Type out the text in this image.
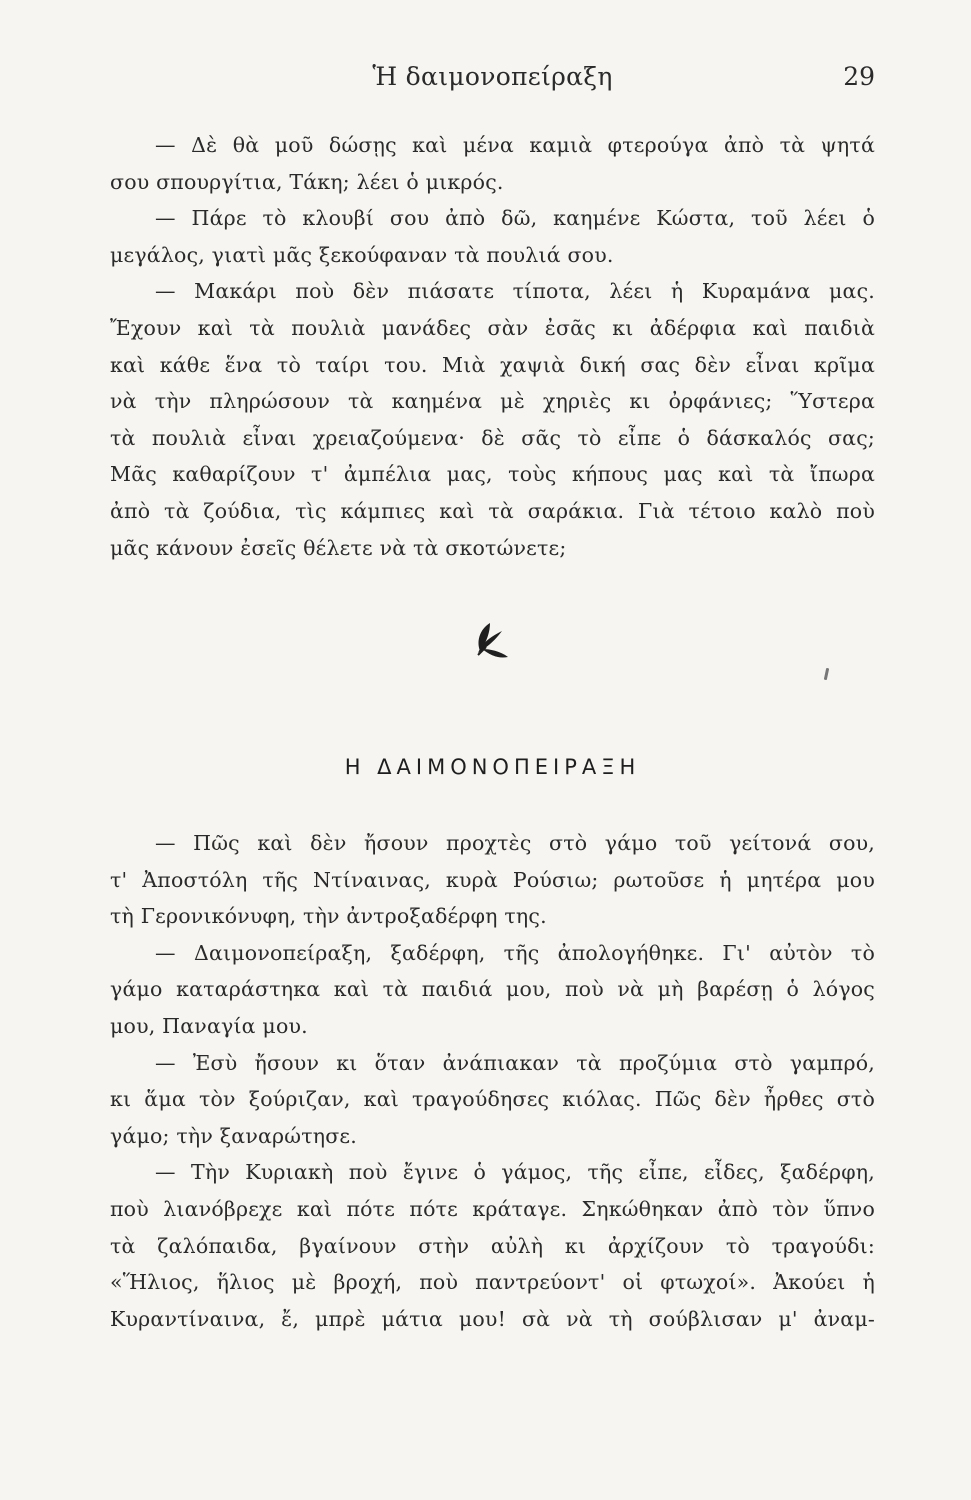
Ἡ δαιμονοπείραξη	29
— Δὲ θὰ μοῦ δώσῃς καὶ μένα καμιὰ φτερούγα ἀπὸ τὰ ψητά
σου σπουργίτια, Τάκη; λέει ὁ μικρός.
— Πάρε τὸ κλουβί σου ἀπὸ δῶ, καημένε Κώστα, τοῦ λέει ὁ
μεγάλος, γιατὶ μᾶς ξεκούφαναν τὰ πουλιά σου.
— Μακάρι ποὺ δὲν πιάσατε τίποτα, λέει ἡ Κυραμάνα μας.
Ἔχουν καὶ τὰ πουλιὰ μανάδες σὰν ἐσᾶς κι ἀδέρφια καὶ παιδιὰ
καὶ κάθε ἕνα τὸ ταίρι του. Μιὰ χαψιὰ δική σας δὲν εἶναι κρῖμα
νὰ τὴν πληρώσουν τὰ καημένα μὲ χηριὲς κι ὀρφάνιες; Ὕστερα
τὰ πουλιὰ εἶναι χρειαζούμενα· δὲ σᾶς τὸ εἶπε ὁ δάσκαλός σας;
Μᾶς καθαρίζουν τ' ἀμπέλια μας, τοὺς κήπους μας καὶ τὰ ἴπωρα
ἀπὸ τὰ ζούδια, τὶς κάμπιες καὶ τὰ σαράκια. Γιὰ τέτοιο καλὸ ποὺ
μᾶς κάνουν ἐσεῖς θέλετε νὰ τὰ σκοτώνετε;
Η ΔΑΙΜΟΝΟΠΕΙΡΑΞΗ
— Πῶς καὶ δὲν ἤσουν προχτὲς στὸ γάμο τοῦ γείτονά σου,
τ' Ἀποστόλη τῆς Ντίναινας, κυρὰ Ρούσιω; ρωτοῦσε ἡ μητέρα μου
τὴ Γερονικόνυφη, τὴν ἀντροξαδέρφη της.
— Δαιμονοπείραξη, ξαδέρφη, τῆς ἀπολογήθηκε. Γι' αὐτὸν τὸ
γάμο καταράστηκα καὶ τὰ παιδιά μου, ποὺ νὰ μὴ βαρέσῃ ὁ λόγος
μου, Παναγία μου.
— Ἐσὺ ἤσουν κι ὅταν ἀνάπιακαν τὰ προζύμια στὸ γαμπρό,
κι ἅμα τὸν ξούριζαν, καὶ τραγούδησες κιόλας. Πῶς δὲν ἦρθες στὸ
γάμο; τὴν ξαναρώτησε.
— Τὴν Κυριακὴ ποὺ ἔγινε ὁ γάμος, τῆς εἶπε, εἶδες, ξαδέρφη,
ποὺ λιανόβρεχε καὶ πότε πότε κράταγε. Σηκώθηκαν ἀπὸ τὸν ὕπνο
τὰ ζαλόπαιδα, βγαίνουν στὴν αὐλὴ κι ἀρχίζουν τὸ τραγούδι:
«Ἥλιος, ἥλιος μὲ βροχή, ποὺ παντρεύοντ' οἱ φτωχοί». Ἀκούει ἡ
Κυραντίναινα, ἔ, μπρὲ μάτια μου! σὰ νὰ τὴ σούβλισαν μ' ἀναμ-
